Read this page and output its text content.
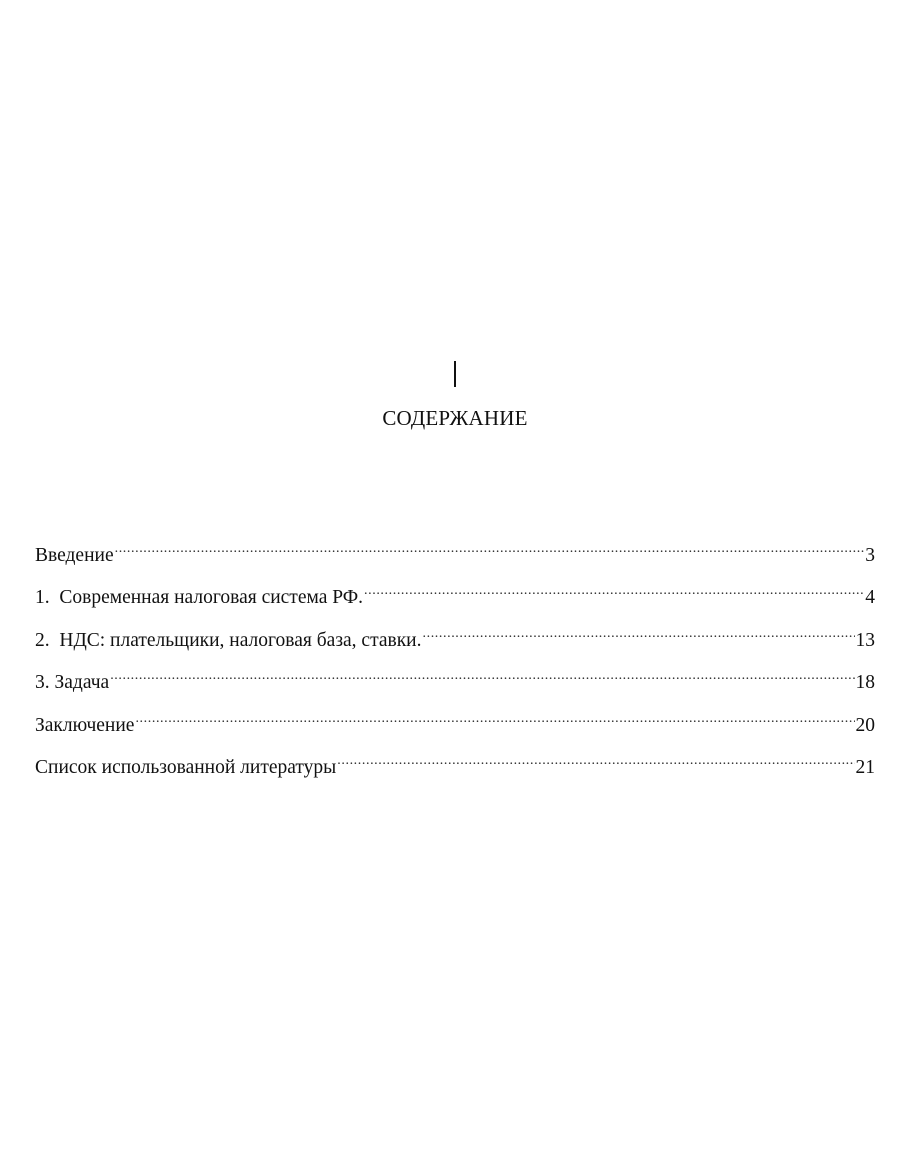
СОДЕРЖАНИЕ
Введение .....	3
1.  Современная налоговая система РФ. .....	4
2.  НДС: плательщики, налоговая база, ставки. .....	13
3. Задача .....	18
Заключение .....	20
Список использованной литературы .....	21
